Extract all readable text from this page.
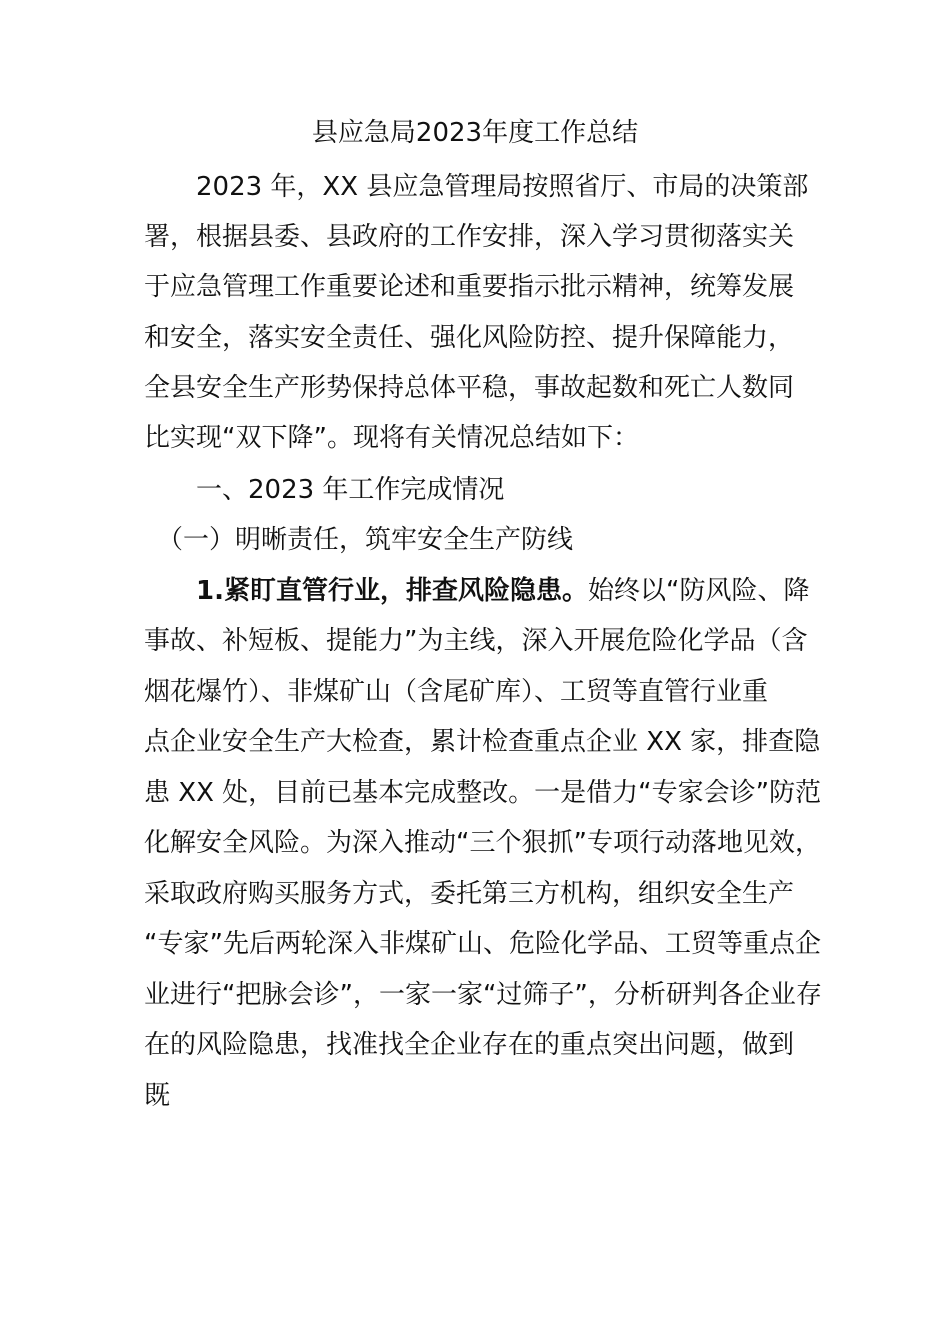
县应急局2023年度工作总结
　　2023 年，XX 县应急管理局按照省厅、市局的决策部
署，根据县委、县政府的工作安排，深入学习贯彻落实关
于应急管理工作重要论述和重要指示批示精神，统筹发展
和安全，落实安全责任、强化风险防控、提升保障能力，
全县安全生产形势保持总体平稳，事故起数和死亡人数同
比实现“双下降”。现将有关情况总结如下：
　　一、2023 年工作完成情况
　（一）明晰责任，筑牢安全生产防线
　　1.紧盯直管行业，排查风险隐患。始终以“防风险、降
事故、补短板、提能力”为主线，深入开展危险化学品（含
烟花爆竹）、非煤矿山（含尾矿库）、工贸等直管行业重
点企业安全生产大检查，累计检查重点企业 XX 家，排查隐
患 XX 处，目前已基本完成整改。一是借力“专家会诊”防范
化解安全风险。为深入推动“三个狠抓”专项行动落地见效，
采取政府购买服务方式，委托第三方机构，组织安全生产
“专家”先后两轮深入非煤矿山、危险化学品、工贸等重点企
业进行“把脉会诊”，一家一家“过筛子”，分析研判各企业存
在的风险隐患，找准找全企业存在的重点突出问题，做到
既
